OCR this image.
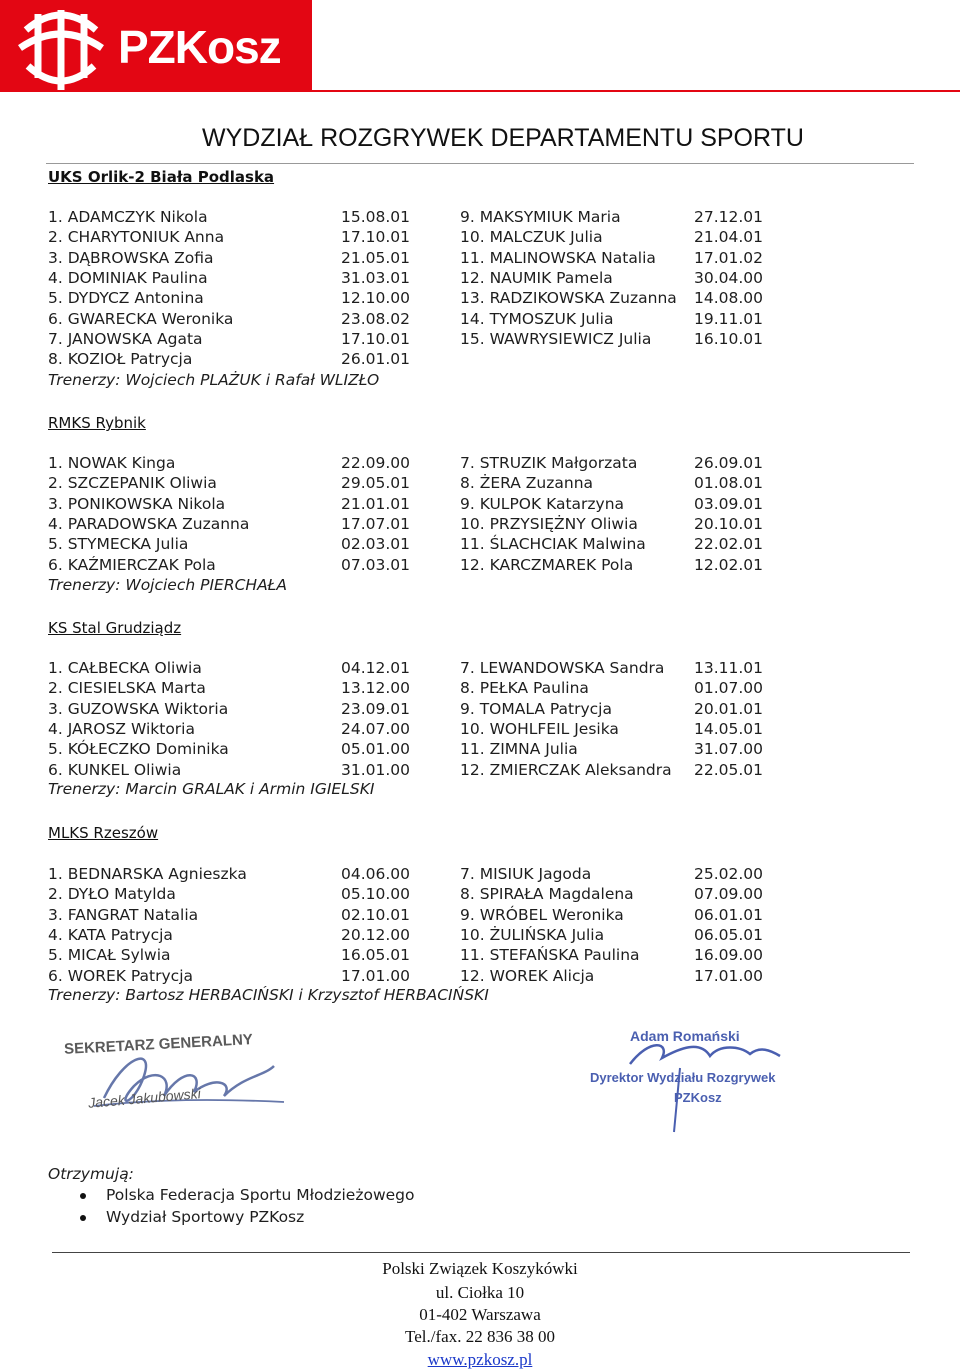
PZKosz
WYDZIAŁ ROZGRYWEK DEPARTAMENTU SPORTU
UKS Orlik-2 Biała Podlaska
1. ADAMCZYK Nikola	15.08.01
2. CHARYTONIUK Anna	17.10.01
3. DĄBROWSKA Zofia	21.05.01
4. DOMINIAK Paulina	31.03.01
5. DYDYCZ Antonina	12.10.00
6. GWARECKA Weronika	23.08.02
7. JANOWSKA Agata	17.10.01
8. KOZIOŁ Patrycja	26.01.01
9. MAKSYMIUK Maria	27.12.01
10. MALCZUK Julia	21.04.01
11. MALINOWSKA Natalia 17.01.02
12. NAUMIK Pamela	30.04.00
13. RADZIKOWSKA Zuzanna 14.08.00
14. TYMOSZUK Julia	19.11.01
15. WAWRYSIEWICZ Julia	16.10.01
Trenerzy: Wojciech PLAŻUK i Rafał WLIZŁO
RMKS Rybnik
1. NOWAK Kinga	22.09.00
2. SZCZEPANIK Oliwia	29.05.01
3. PONIKOWSKA Nikola	21.01.01
4. PARADOWSKA Zuzanna	17.07.01
5. STYMECKA Julia	02.03.01
6. KAŹMIERCZAK Pola	07.03.01
7. STRUZIK Małgorzata	26.09.01
8. ŻERA Zuzanna	01.08.01
9. KULPOK Katarzyna	03.09.01
10. PRZYSIĘŻNY Oliwia	20.10.01
11. ŚLACHCIAK Malwina	22.02.01
12. KARCZMAREK Pola	12.02.01
Trenerzy: Wojciech PIERCHAŁA
KS Stal Grudziądz
1. CAŁBECKA Oliwia	04.12.01
2. CIESIELSKA Marta	13.12.00
3. GUZOWSKA Wiktoria	23.09.01
4. JAROSZ Wiktoria	24.07.00
5. KÓŁECZKO Dominika	05.01.00
6. KUNKEL Oliwia	31.01.00
7. LEWANDOWSKA Sandra 13.11.01
8. PEŁKA Paulina	01.07.00
9. TOMALA Patrycja	20.01.01
10. WOHLFEIL Jesika	14.05.01
11. ZIMNA Julia	31.07.00
12. ZMIERCZAK Aleksandra 22.05.01
Trenerzy: Marcin GRALAK i Armin IGIELSKI
MLKS Rzeszów
1. BEDNARSKA Agnieszka	04.06.00
2. DYŁO Matylda	05.10.00
3. FANGRAT Natalia	02.10.01
4. KATA Patrycja	20.12.00
5. MICAŁ Sylwia	16.05.01
6. WOREK Patrycja	17.01.00
7. MISIUK Jagoda	25.02.00
8. SPIRAŁA Magdalena	07.09.00
9. WRÓBEL Weronika	06.01.01
10. ŻULIŃSKA Julia	06.05.01
11. STEFAŃSKA Paulina	16.09.00
12. WOREK Alicja	17.01.00
Trenerzy: Bartosz HERBACIŃSKI i Krzysztof HERBACIŃSKI
SEKRETARZ GENERALNY
Jacek Jakubowski
Adam Romański
Dyrektor Wydziału Rozgrywek
PZKosz
Otrzymują:
Polska Federacja Sportu Młodzieżowego
Wydział Sportowy PZKosz
Polski Związek Koszykówki
ul. Ciołka 10
01-402 Warszawa
Tel./fax. 22 836 38 00
www.pzkosz.pl
